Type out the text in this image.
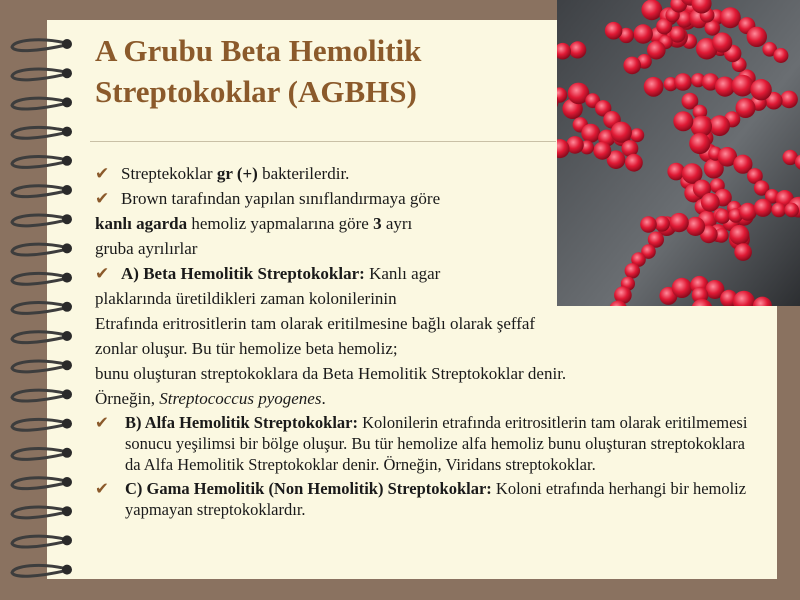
A Grubu Beta Hemolitik
Streptokoklar (AGBHS)
✔ Streptekoklar gr (+) bakterilerdir.
✔ Brown tarafından yapılan sınıflandırmaya göre
kanlı agarda hemoliz yapmalarına göre 3 ayrı
gruba ayrılırlar
✔ A) Beta Hemolitik Streptokoklar: Kanlı agar
plaklarında üretildikleri zaman kolonilerinin
Etrafında eritrositlerin tam olarak eritilmesine bağlı olarak şeffaf
zonlar oluşur. Bu tür hemolize beta hemoliz;
bunu oluşturan streptokoklara da Beta Hemolitik Streptokoklar denir.
Örneğin, Streptococcus pyogenes.
✔ B) Alfa Hemolitik Streptokoklar: Kolonilerin etrafında eritrositlerin tam olarak eritilmemesi sonucu yeşilimsi bir bölge oluşur. Bu tür hemolize alfa hemoliz bunu oluşturan streptokoklara da Alfa Hemolitik Streptokoklar denir. Örneğin, Viridans streptokoklar.
✔ C) Gama Hemolitik (Non Hemolitik) Streptokoklar: Koloni etrafında herhangi bir hemoliz yapmayan streptokoklardır.
